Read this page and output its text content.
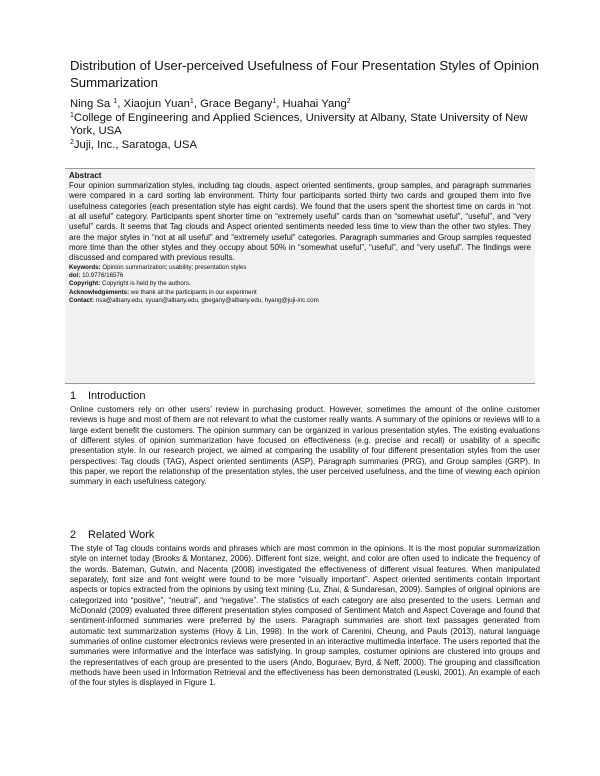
Distribution of User-perceived Usefulness of Four Presentation Styles of Opinion Summarization
Ning Sa $^1$, Xiaojun Yuan$^1$, Grace Begany$^1$, Huahai Yang$^2$
$^1$College of Engineering and Applied Sciences, University at Albany, State University of New York, USA
$^2$Juji, Inc., Saratoga, USA
Abstract
Four opinion summarization styles, including tag clouds, aspect oriented sentiments, group samples, and paragraph summaries were compared in a card sorting lab environment. Thirty four participants sorted thirty two cards and grouped them into five usefulness categories (each presentation style has eight cards). We found that the users spent the shortest time on cards in “not at all useful” category. Participants spent shorter time on “extremely useful” cards than on “somewhat useful”, “useful”, and “very useful” cards. It seems that Tag clouds and Aspect oriented sentiments needed less time to view than the other two styles. They are the major styles in “not at all useful” and “extremely useful” categories. Paragraph summaries and Group samples requested more time than the other styles and they occupy about 50% in “somewhat useful”, “useful”, and “very useful”. The findings were discussed and compared with previous results.
Keywords: Opinion summarization; usability; presentation styles
doi: 10.9776/16576
Copyright: Copyright is held by the authors.
Acknowledgements: we thank all the participants in our experiment
Contact: nsa@albany.edu, xyuan@albany.edu, gbegany@albany.edu, hyang@juji-inc.com
1 Introduction
Online customers rely on other users’ review in purchasing product. However, sometimes the amount of the online customer reviews is huge and most of them are not relevant to what the customer really wants. A summary of the opinions or reviews will to a large extent benefit the customers. The opinion summary can be organized in various presentation styles. The existing evaluations of different styles of opinion summarization have focused on effectiveness (e.g. precise and recall) or usability of a specific presentation style. In our research project, we aimed at comparing the usability of four different presentation styles from the user perspectives: Tag clouds (TAG), Aspect oriented sentiments (ASP), Paragraph summaries (PRG), and Group samples (GRP). In this paper, we report the relationship of the presentation styles, the user perceived usefulness, and the time of viewing each opinion summary in each usefulness category.
2 Related Work
The style of Tag clouds contains words and phrases which are most common in the opinions. It is the most popular summarization style on internet today (Brooks & Montanez, 2006). Different font size, weight, and color are often used to indicate the frequency of the words. Bateman, Gutwin, and Nacenta (2008) investigated the effectiveness of different visual features. When manipulated separately, font size and font weight were found to be more “visually important”. Aspect oriented sentiments contain important aspects or topics extracted from the opinions by using text mining (Lu, Zhai, & Sundaresan, 2009). Samples of original opinions are categorized into “positive”, “neutral”, and “negative”. The statistics of each category are also presented to the users. Lerman and McDonald (2009) evaluated three different presentation styles composed of Sentiment Match and Aspect Coverage and found that sentiment-informed summaries were preferred by the users. Paragraph summaries are short text passages generated from automatic text summarization systems (Hovy & Lin, 1998). In the work of Carenini, Cheung, and Pauls (2013), natural language summaries of online customer electronics reviews were presented in an interactive multimedia interface. The users reported that the summaries were informative and the interface was satisfying. In group samples, costumer opinions are clustered into groups and the representatives of each group are presented to the users (Ando, Boguraev, Byrd, & Neff, 2000). The grouping and classification methods have been used in Information Retrieval and the effectiveness has been demonstrated (Leuski, 2001). An example of each of the four styles is displayed in Figure 1.
